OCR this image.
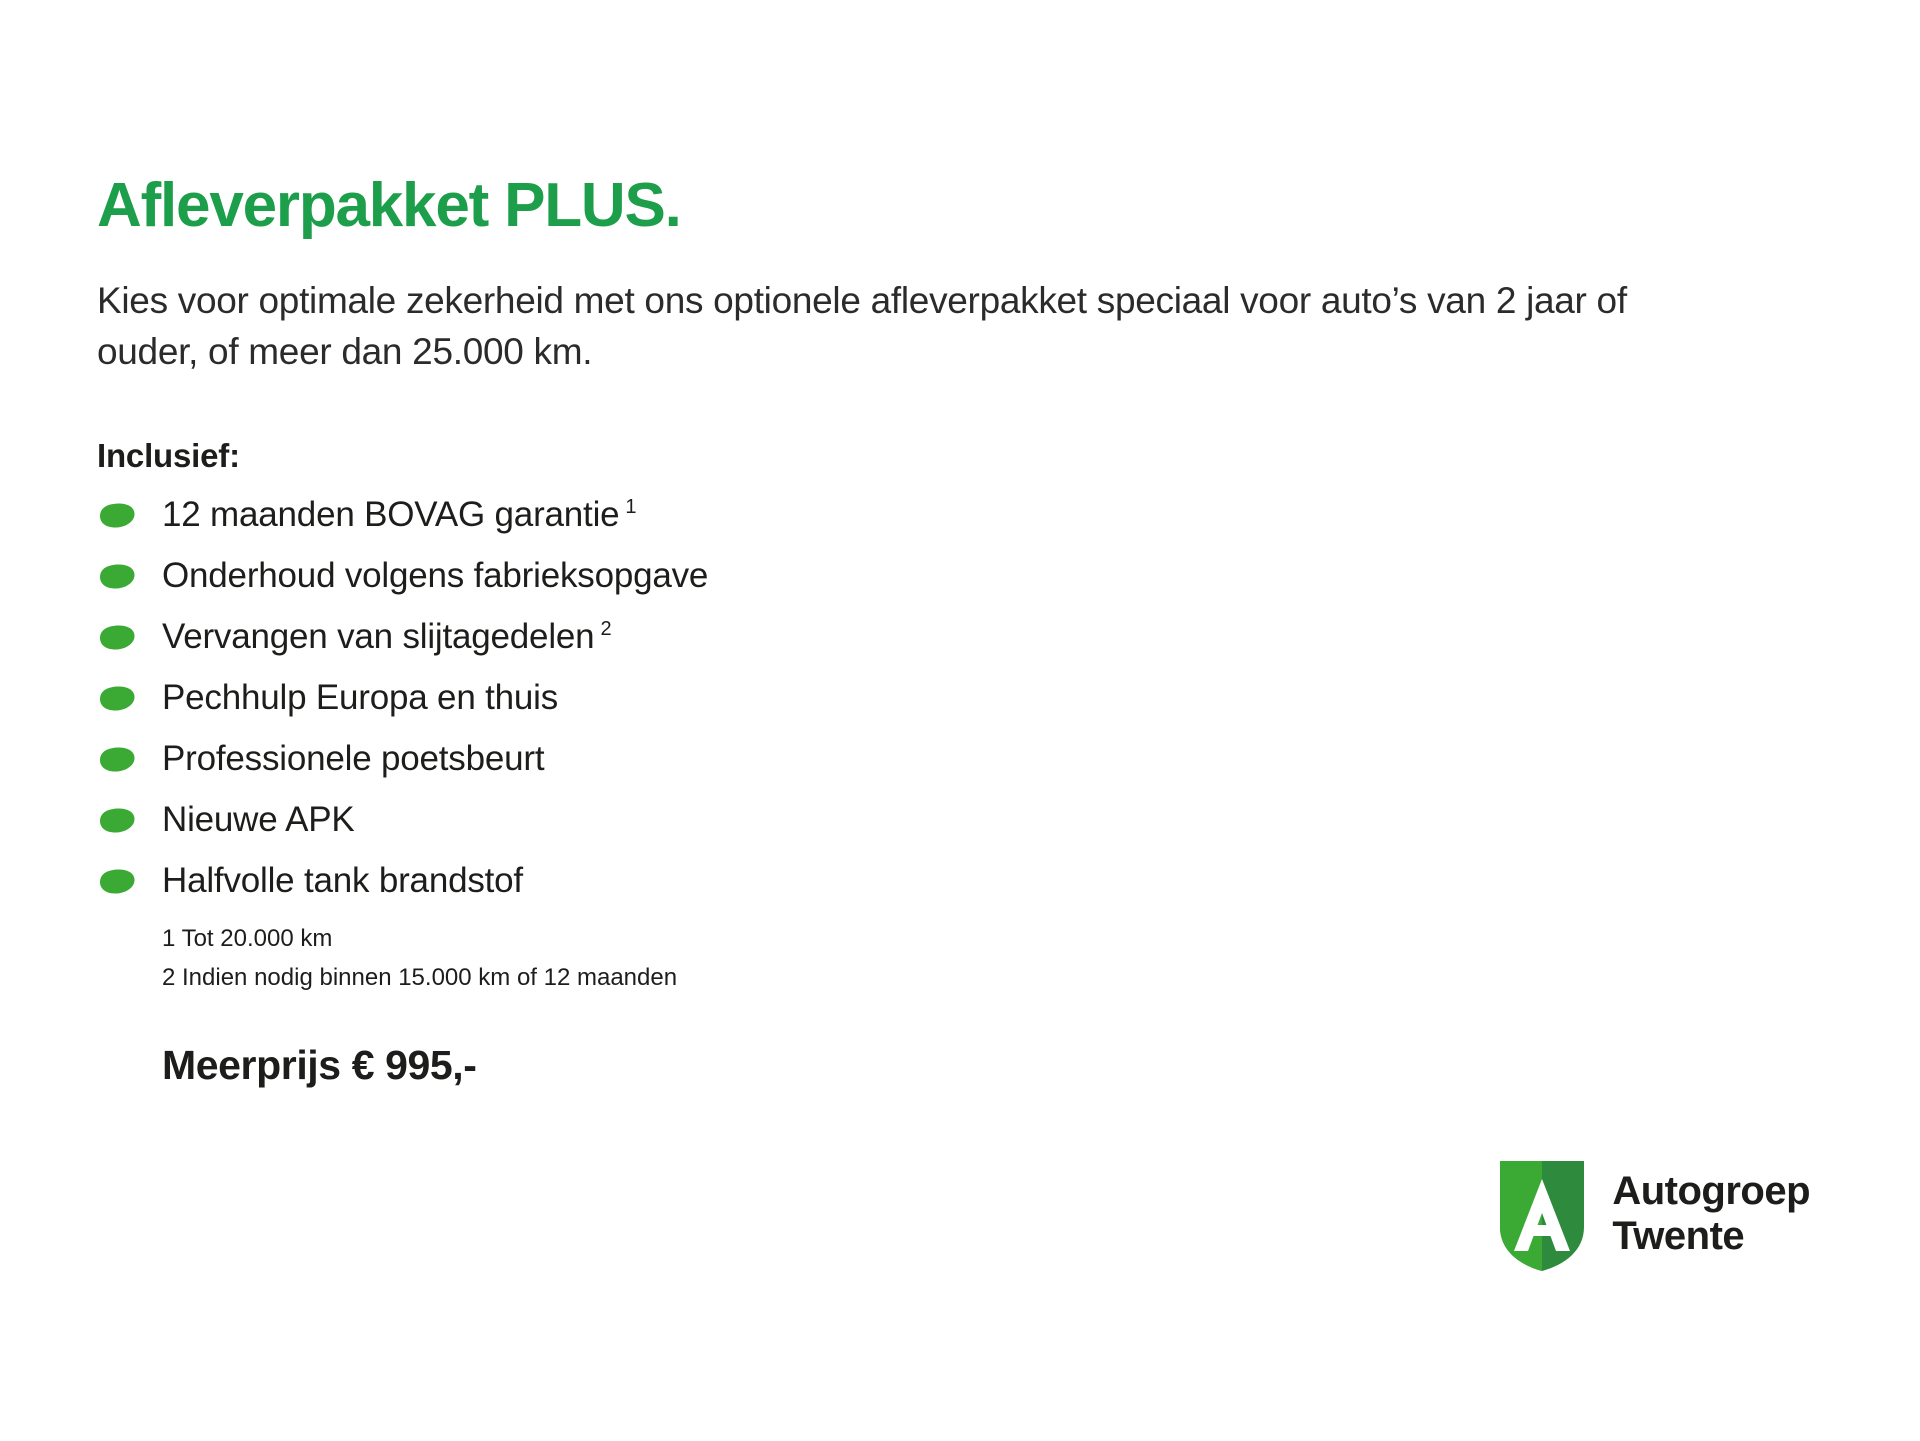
Afleverpakket PLUS.

Kies voor optimale zekerheid met ons optionele afleverpakket speciaal voor auto’s van 2 jaar of ouder, of meer dan 25.000 km.

Inclusief:
12 maanden BOVAG garantie $^1$
Onderhoud volgens fabrieksopgave
Vervangen van slijtagedelen $^2$
Pechhulp Europa en thuis
Professionele poetsbeurt
Nieuwe APK
Halfvolle tank brandstof
1 Tot 20.000 km
2 Indien nodig binnen 15.000 km of 12 maanden
Meerprijs € 995,-
Autogroep
Twente
